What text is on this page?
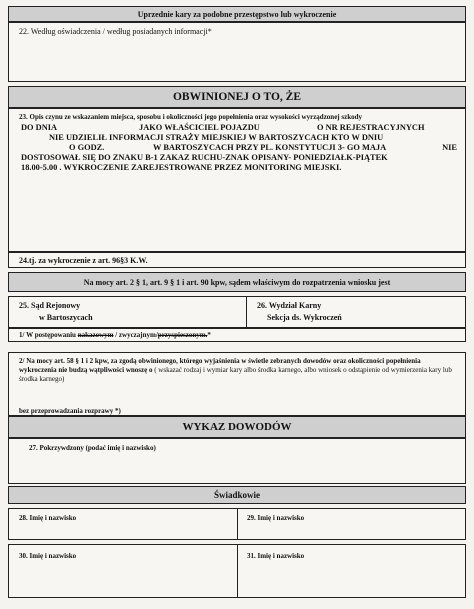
Uprzednie kary za podobne przestępstwo lub wykroczenie
22. Według oświadczenia / według posiadanych informacji*
OBWINIONEJ O TO, ŻE
23. Opis czynu ze wskazaniem miejsca, sposobu i okoliczności jego popełnienia oraz wysokości wyrządzonej szkody
DO DNIA	JAKO WŁAŚCICIEL POJAZDU	O NR REJESTRACYJNYCH
NIE UDZIELIŁ INFORMACJI STRAŻY MIEJSKIEJ W BARTOSZYCACH KTO W DNIU
O GODZ.	W BARTOSZYCACH PRZY PL. KONSTYTUCJI 3- GO MAJA	NIE
DOSTOSOWAŁ SIĘ DO ZNAKU B-1 ZAKAZ RUCHU-ZNAK OPISANY- PONIEDZIAŁK-PIĄTEK
18.00-5.00 . WYKROCZENIE ZAREJESTROWANE PRZEZ MONITORING MIEJSKI.
24.tj. za wykroczenie z art. 96§3 K.W.
Na mocy art. 2 § 1, art. 9 § 1 i art. 90 kpw, sądem właściwym do rozpatrzenia wniosku jest
25. Sąd Rejonowy
w Bartoszycach
26. Wydział Karny
Sekcja ds. Wykroczeń
1/ W postępowaniu nakazowym / zwyczajnym/przyspieszonym.*
2/ Na mocy art. 58 § 1 i 2 kpw, za zgodą obwinionego, którego wyjaśnienia w świetle zebranych dowodów oraz okoliczności popełnienia wykroczenia nie budzą wątpliwości wnoszę o ( wskazać rodzaj i wymiar kary albo środka karnego, albo wniosek o odstąpienie od wymierzenia kary lub środka karnego)
bez przeprowadzania rozprawy *)
WYKAZ DOWODÓW
27. Pokrzywdzony (podać imię i nazwisko)
Świadkowie
28. Imię i nazwisko	29. Imię i nazwisko
30. Imię i nazwisko	31. Imię i nazwisko
